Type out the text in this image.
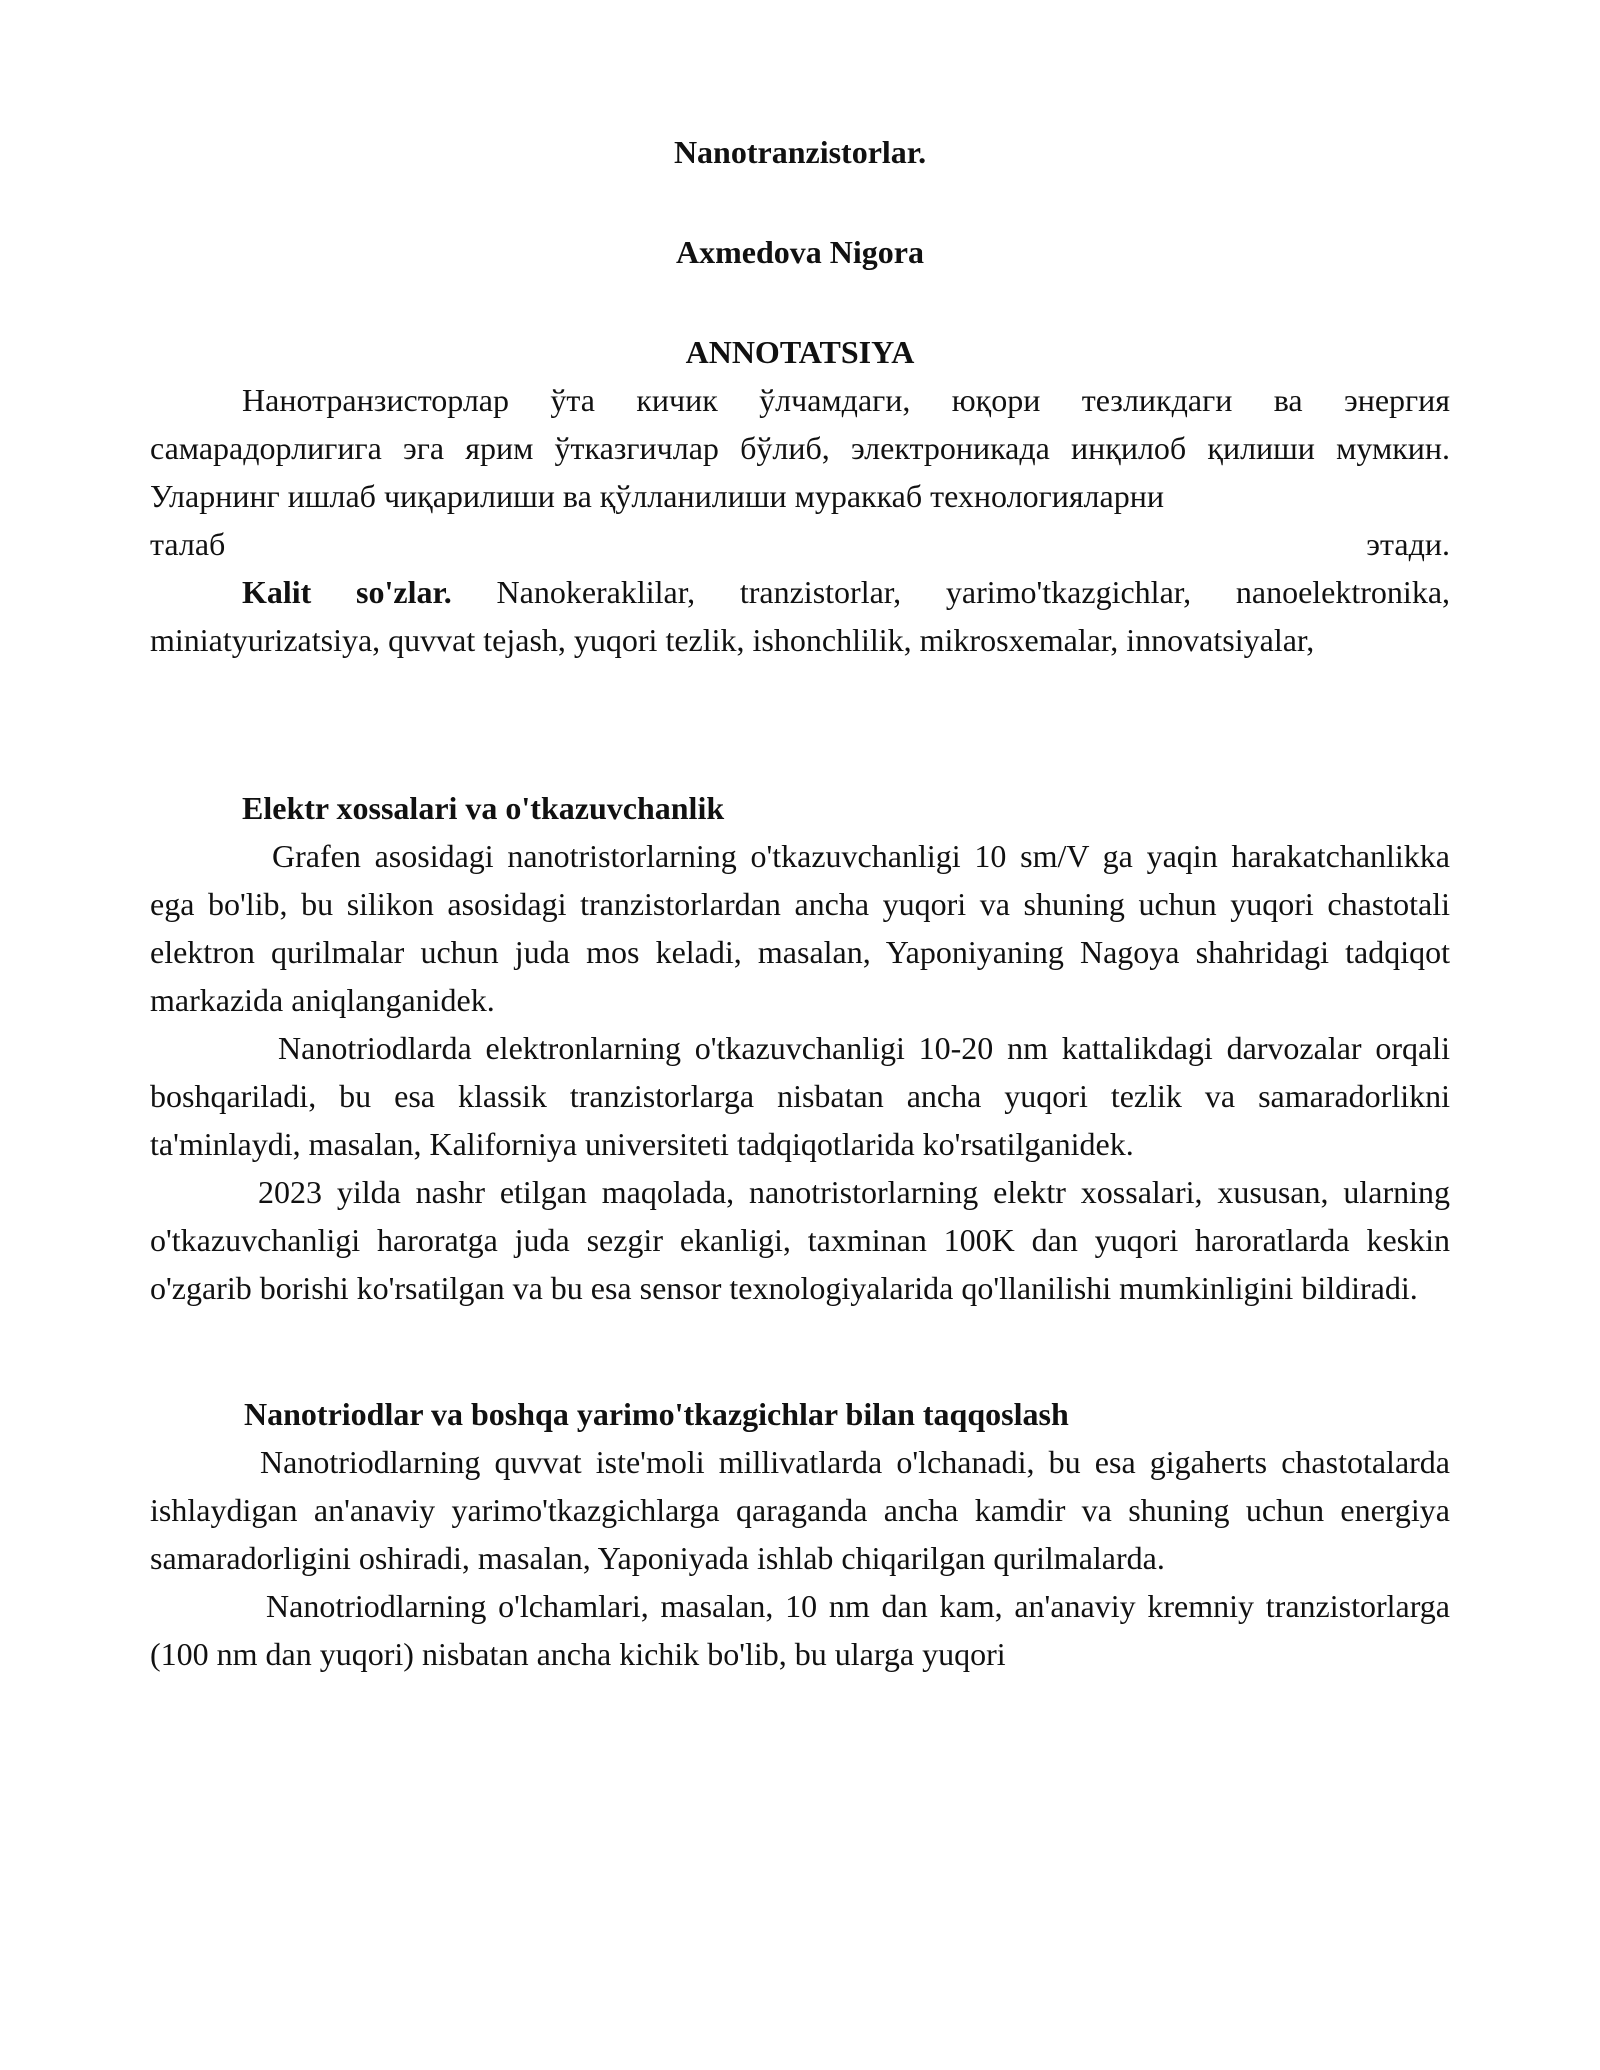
Nanotranzistorlar.

Axmedova Nigora

ANNOTATSIYA

Нанотранзисторлар ўта кичик ўлчамдаги, юқори тезликдаги ва энергия самарадорлигига эга ярим ўтказгичлар бўлиб, электроникада инқилоб қилиши мумкин. Уларнинг ишлаб чиқарилиши ва қўлланилиши мураккаб технологияларни

талаб этади.

Kalit so'zlar. Nanokeraklilar, tranzistorlar, yarimo'tkazgichlar, nanoelektronika, miniatyurizatsiya, quvvat tejash, yuqori tezlik, ishonchlilik, mikrosxemalar, innovatsiyalar,

Elektr xossalari va o'tkazuvchanlik

Grafen asosidagi nanotristorlarning o'tkazuvchanligi 10 sm/V ga yaqin harakatchanlikka ega bo'lib, bu silikon asosidagi tranzistorlardan ancha yuqori va shuning uchun yuqori chastotali elektron qurilmalar uchun juda mos keladi, masalan, Yaponiyaning Nagoya shahridagi tadqiqot markazida aniqlanganidek.

Nanotriodlarda elektronlarning o'tkazuvchanligi 10-20 nm kattalikdagi darvozalar orqali boshqariladi, bu esa klassik tranzistorlarga nisbatan ancha yuqori tezlik va samaradorlikni ta'minlaydi, masalan, Kaliforniya universiteti tadqiqotlarida ko'rsatilganidek.

2023 yilda nashr etilgan maqolada, nanotristorlarning elektr xossalari, xususan, ularning o'tkazuvchanligi haroratga juda sezgir ekanligi, taxminan 100K dan yuqori haroratlarda keskin o'zgarib borishi ko'rsatilgan va bu esa sensor texnologiyalarida qo'llanilishi mumkinligini bildiradi.

Nanotriodlar va boshqa yarimo'tkazgichlar bilan taqqoslash

Nanotriodlarning quvvat iste'moli millivatlarda o'lchanadi, bu esa gigaherts chastotalarda ishlaydigan an'anaviy yarimo'tkazgichlarga qaraganda ancha kamdir va shuning uchun energiya samaradorligini oshiradi, masalan, Yaponiyada ishlab chiqarilgan qurilmalarda.

Nanotriodlarning o'lchamlari, masalan, 10 nm dan kam, an'anaviy kremniy tranzistorlarga (100 nm dan yuqori) nisbatan ancha kichik bo'lib, bu ularga yuqori
